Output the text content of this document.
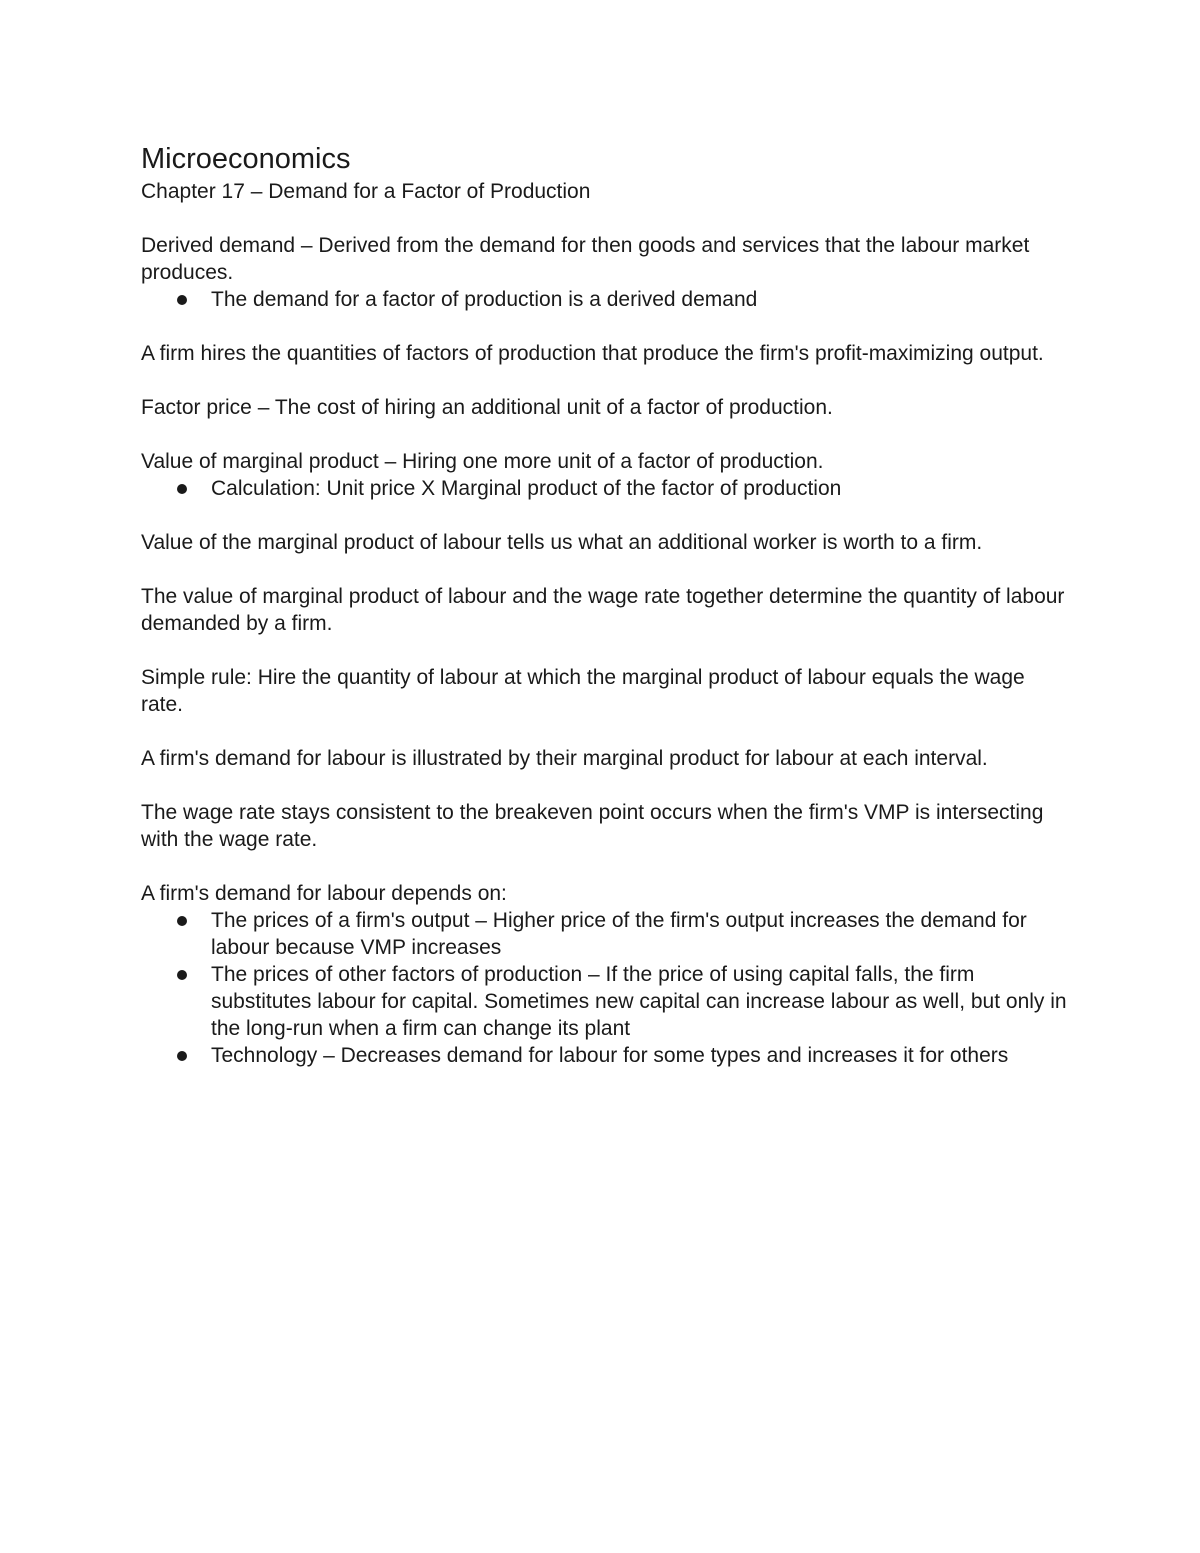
Microeconomics
Chapter 17 – Demand for a Factor of Production

Derived demand – Derived from the demand for then goods and services that the labour market produces.

The demand for a factor of production is a derived demand

A firm hires the quantities of factors of production that produce the firm's profit-maximizing output.

Factor price – The cost of hiring an additional unit of a factor of production.

Value of marginal product – Hiring one more unit of a factor of production.

Calculation: Unit price X Marginal product of the factor of production

Value of the marginal product of labour tells us what an additional worker is worth to a firm.

The value of marginal product of labour and the wage rate together determine the quantity of labour demanded by a firm.

Simple rule: Hire the quantity of labour at which the marginal product of labour equals the wage rate.

A firm's demand for labour is illustrated by their marginal product for labour at each interval.

The wage rate stays consistent to the breakeven point occurs when the firm's VMP is intersecting with the wage rate.

A firm's demand for labour depends on:

The prices of a firm's output – Higher price of the firm's output increases the demand for labour because VMP increases
The prices of other factors of production – If the price of using capital falls, the firm substitutes labour for capital. Sometimes new capital can increase labour as well, but only in the long-run when a firm can change its plant
Technology – Decreases demand for labour for some types and increases it for others
